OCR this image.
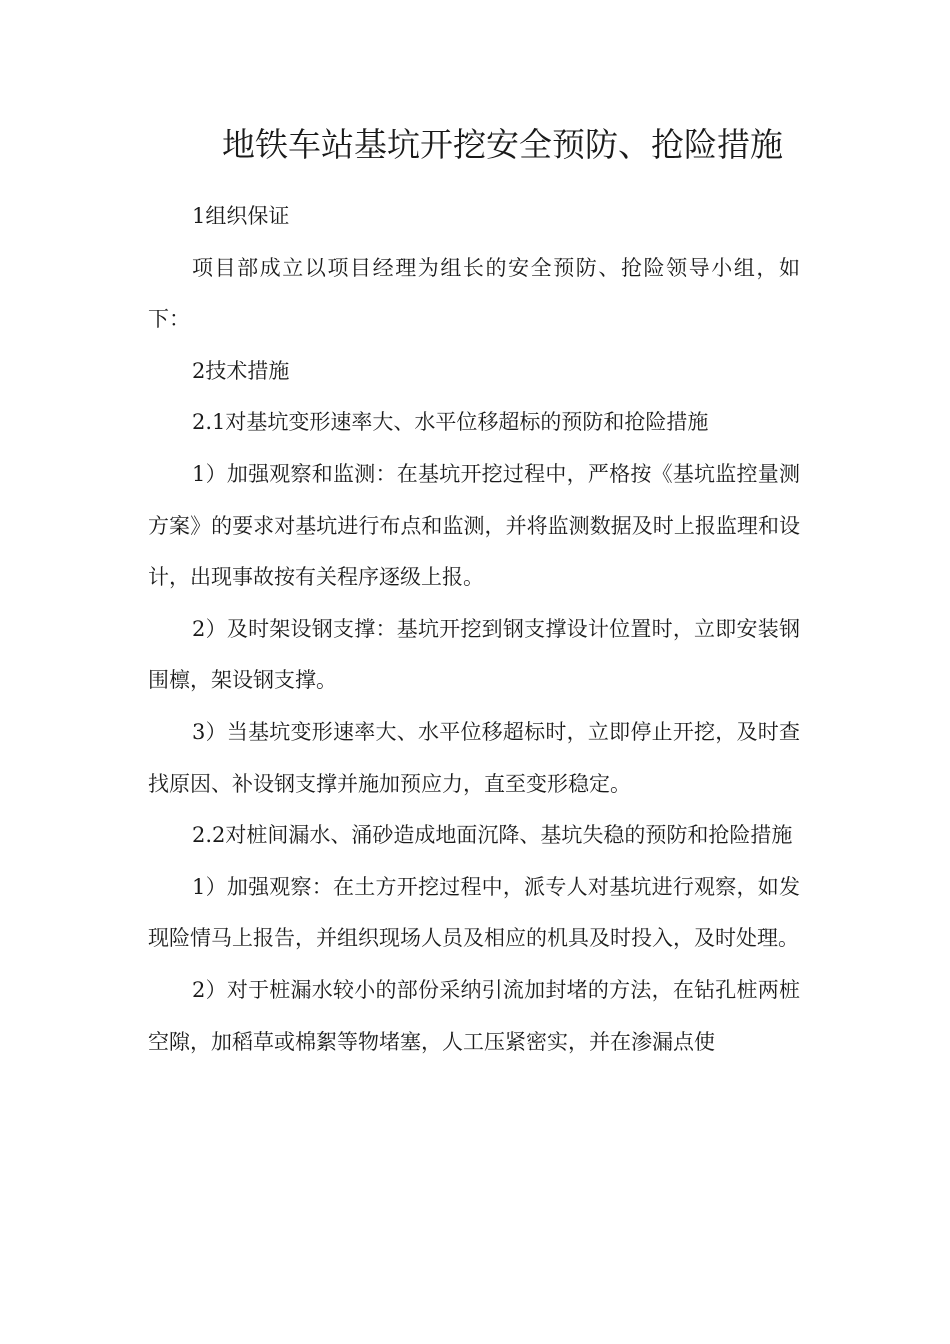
地铁车站基坑开挖安全预防、抢险措施

1组织保证

项目部成立以项目经理为组长的安全预防、抢险领导小组，如下：

2技术措施

2.1对基坑变形速率大、水平位移超标的预防和抢险措施

1）加强观察和监测：在基坑开挖过程中，严格按《基坑监控量测方案》的要求对基坑进行布点和监测，并将监测数据及时上报监理和设计，出现事故按有关程序逐级上报。

2）及时架设钢支撑：基坑开挖到钢支撑设计位置时，立即安装钢围檩，架设钢支撑。

3）当基坑变形速率大、水平位移超标时，立即停止开挖，及时查找原因、补设钢支撑并施加预应力，直至变形稳定。

2.2对桩间漏水、涌砂造成地面沉降、基坑失稳的预防和抢险措施

1）加强观察：在土方开挖过程中，派专人对基坑进行观察，如发现险情马上报告，并组织现场人员及相应的机具及时投入，及时处理。

2）对于桩漏水较小的部份采纳引流加封堵的方法，在钻孔桩两桩空隙，加稻草或棉絮等物堵塞，人工压紧密实，并在渗漏点使
